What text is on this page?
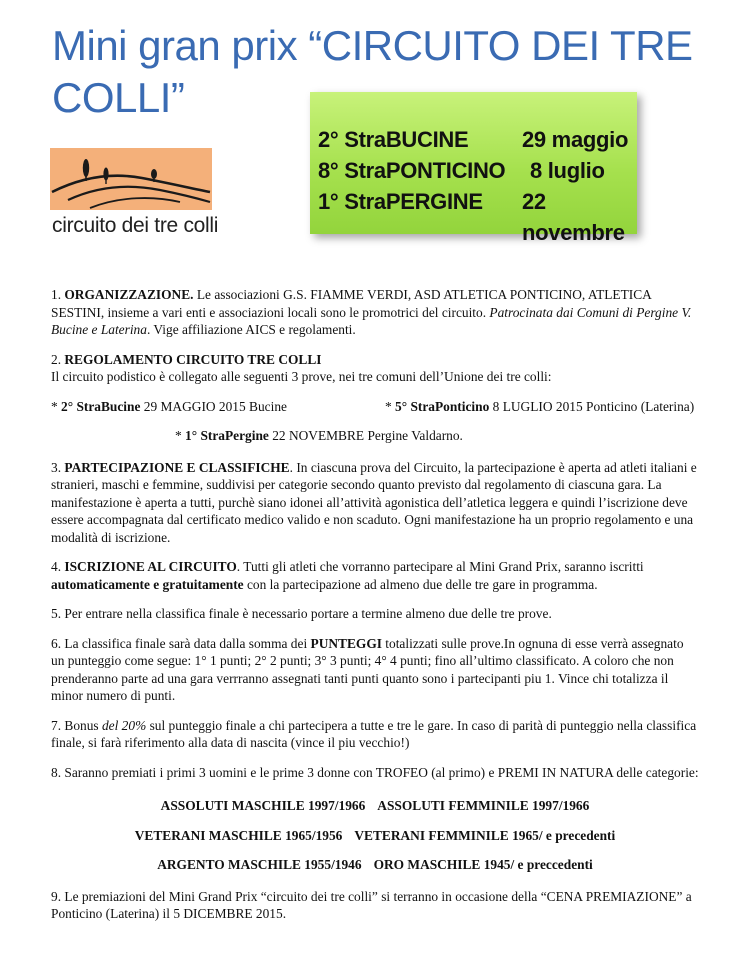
Mini gran prix “CIRCUITO DEI TRE COLLI”
circuito dei tre colli
2° StraBUCINE 29 maggio
8° StraPONTICINO 8 luglio
1° StraPERGINE 22 novembre

1. ORGANIZZAZIONE. Le associazioni G.S. FIAMME VERDI, ASD ATLETICA PONTICINO, ATLETICA SESTINI, insieme a vari enti e associazioni locali sono le promotrici del circuito. Patrocinata dai Comuni di Pergine V. Bucine e Laterina. Vige affiliazione AICS e regolamenti.

2. REGOLAMENTO CIRCUITO TRE COLLI
Il circuito podistico è collegato alle seguenti 3 prove, nei tre comuni dell’Unione dei tre colli:

* 2° StraBucine 29 MAGGIO 2015 Bucine	* 5° StraPonticino 8 LUGLIO 2015 Ponticino (Laterina)
* 1° StraPergine 22 NOVEMBRE Pergine Valdarno.

3. PARTECIPAZIONE E CLASSIFICHE. In ciascuna prova del Circuito, la partecipazione è aperta ad atleti italiani e stranieri, maschi e femmine, suddivisi per categorie secondo quanto previsto dal regolamento di ciascuna gara. La manifestazione è aperta a tutti, purchè siano idonei all’attività agonistica dell’atletica leggera e quindi l’iscrizione deve essere accompagnata dal certificato medico valido e non scaduto. Ogni manifestazione ha un proprio regolamento e una modalità di iscrizione.

4. ISCRIZIONE AL CIRCUITO. Tutti gli atleti che vorranno partecipare al Mini Grand Prix, saranno iscritti automaticamente e gratuitamente con la partecipazione ad almeno due delle tre gare in programma.

5. Per entrare nella classifica finale è necessario portare a termine almeno due delle tre prove.

6. La classifica finale sarà data dalla somma dei PUNTEGGI totalizzati sulle prove.In ognuna di esse verrà assegnato un punteggio come segue: 1° 1 punti; 2° 2 punti; 3° 3 punti; 4° 4 punti; fino all’ultimo classificato. A coloro che non prenderanno parte ad una gara verrranno assegnati tanti punti quanto sono i partecipanti piu 1. Vince chi totalizza il minor numero di punti.

7. Bonus del 20% sul punteggio finale a chi partecipera a tutte e tre le gare. In caso di parità di punteggio nella classifica finale, si farà riferimento alla data di nascita (vince il piu vecchio!)

8. Saranno premiati i primi 3 uomini e le prime 3 donne con TROFEO (al primo) e PREMI IN NATURA delle categorie:

ASSOLUTI MASCHILE 1997/1966 ASSOLUTI FEMMINILE 1997/1966
VETERANI MASCHILE 1965/1956 VETERANI FEMMINILE 1965/ e precedenti
ARGENTO MASCHILE 1955/1946 ORO MASCHILE 1945/ e preccedenti

9. Le premiazioni del Mini Grand Prix “circuito dei tre colli” si terranno in occasione della “CENA PREMIAZIONE” a Ponticino (Laterina) il 5 DICEMBRE 2015.
